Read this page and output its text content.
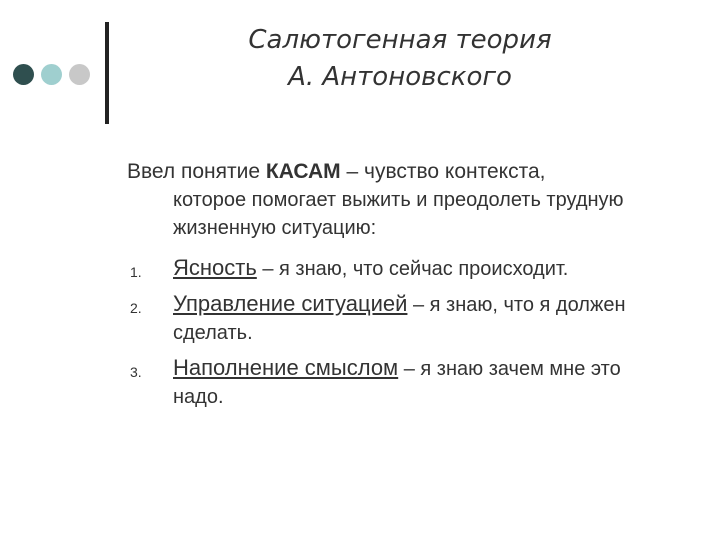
Салютогенная теория
А. Антоновского
Ввел понятие КАСАМ – чувство контекста,
которое помогает выжить и преодолеть трудную жизненную ситуацию:
1. Ясность – я знаю, что сейчас происходит.
2. Управление ситуацией – я знаю, что я должен сделать.
3. Наполнение смыслом – я знаю зачем мне это надо.
